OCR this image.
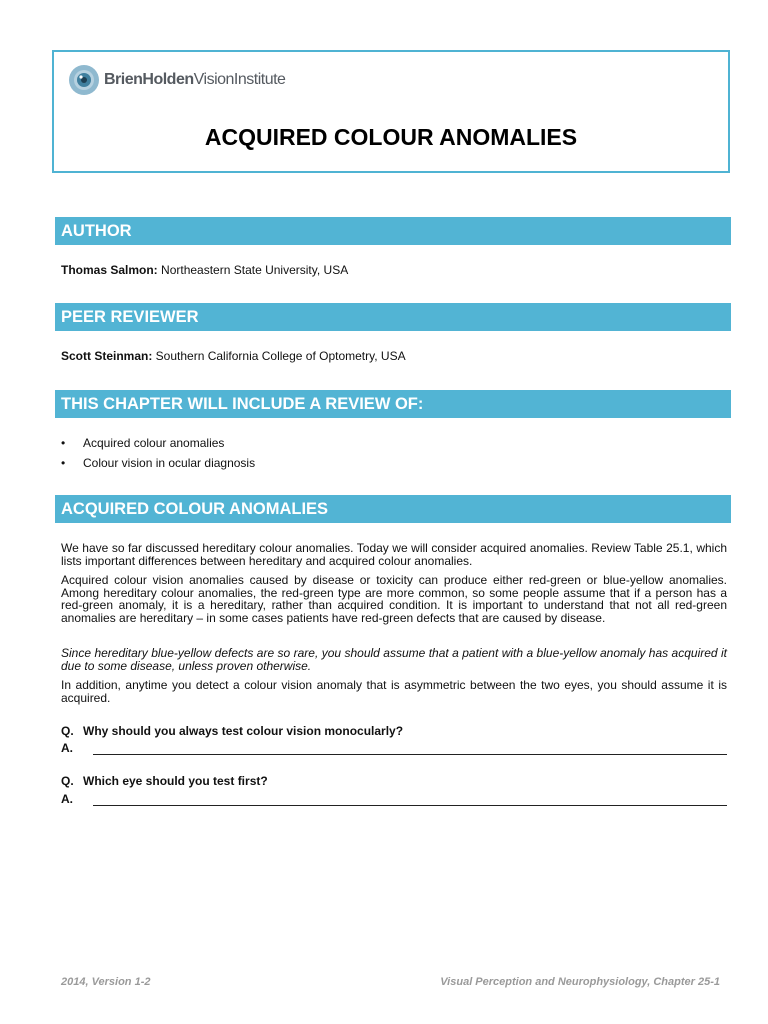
BrienHoldenVisionInstitute
ACQUIRED COLOUR ANOMALIES
AUTHOR
Thomas Salmon: Northeastern State University, USA
PEER REVIEWER
Scott Steinman: Southern California College of Optometry, USA
THIS CHAPTER WILL INCLUDE A REVIEW OF:
• Acquired colour anomalies
• Colour vision in ocular diagnosis
ACQUIRED COLOUR ANOMALIES

We have so far discussed hereditary colour anomalies. Today we will consider acquired anomalies. Review Table 25.1, which lists important differences between hereditary and acquired colour anomalies.

Acquired colour vision anomalies caused by disease or toxicity can produce either red-green or blue-yellow anomalies. Among hereditary colour anomalies, the red-green type are more common, so some people assume that if a person has a red-green anomaly, it is a hereditary, rather than acquired condition. It is important to understand that not all red-green anomalies are hereditary – in some cases patients have red-green defects that are caused by disease.

Since hereditary blue-yellow defects are so rare, you should assume that a patient with a blue-yellow anomaly has acquired it due to some disease, unless proven otherwise.

In addition, anytime you detect a colour vision anomaly that is asymmetric between the two eyes, you should assume it is acquired.

Q. Why should you always test colour vision monocularly?
A.
Q. Which eye should you test first?
A.
2014, Version 1-2	Visual Perception and Neurophysiology, Chapter 25-1
